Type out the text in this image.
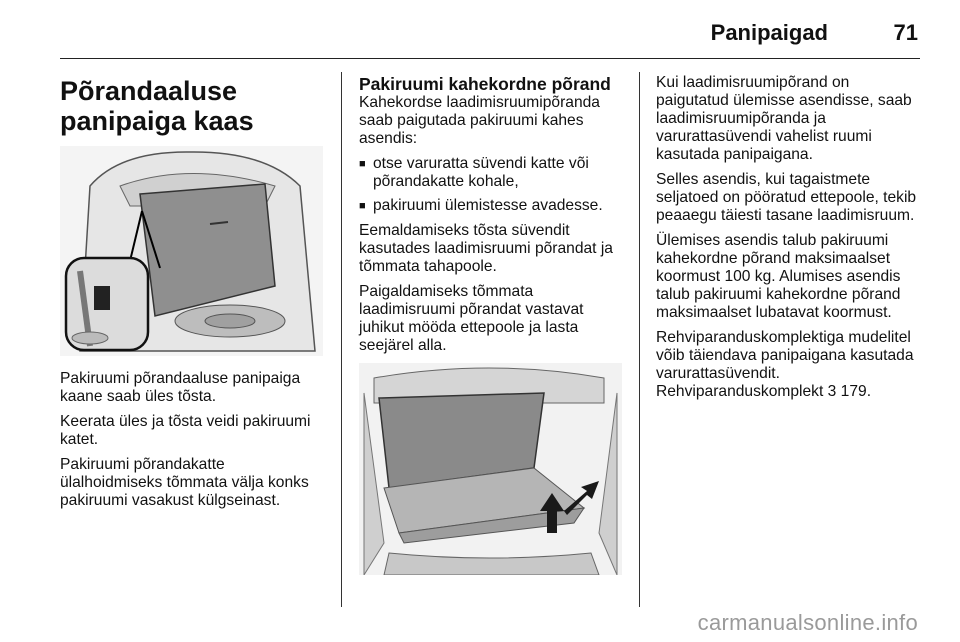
Panipaigad	71
Põrandaaluse panipaiga kaas

Pakiruumi põrandaaluse panipaiga kaane saab üles tõsta.

Keerata üles ja tõsta veidi pakiruumi katet.

Pakiruumi põrandakatte ülalhoidmiseks tõmmata välja konks pakiruumi vasakust külgseinast.

Pakiruumi kahekordne põrand

Kahekordse laadimisruumipõranda saab paigutada pakiruumi kahes asendis:

■ otse varuratta süvendi katte või põrandakatte kohale,
■ pakiruumi ülemistesse avadesse.

Eemaldamiseks tõsta süvendit kasutades laadimisruumi põrandat ja tõmmata tahapoole.

Paigaldamiseks tõmmata laadimisruumi põrandat vastavat juhikut mööda ettepoole ja lasta seejärel alla.

Kui laadimisruumipõrand on paigutatud ülemisse asendisse, saab laadimisruumipõranda ja varurattasüvendi vahelist ruumi kasutada panipaigana.

Selles asendis, kui tagaistmete seljatoed on pööratud ettepoole, tekib peaaegu täiesti tasane laadimisruum.

Ülemises asendis talub pakiruumi kahekordne põrand maksimaalset koormust 100 kg. Alumises asendis talub pakiruumi kahekordne põrand maksimaalset lubatavat koormust.

Rehviparanduskomplektiga mudelitel võib täiendava panipaigana kasutada varurattasüvendit.

Rehviparanduskomplekt 3 179.

carmanualsonline.info
